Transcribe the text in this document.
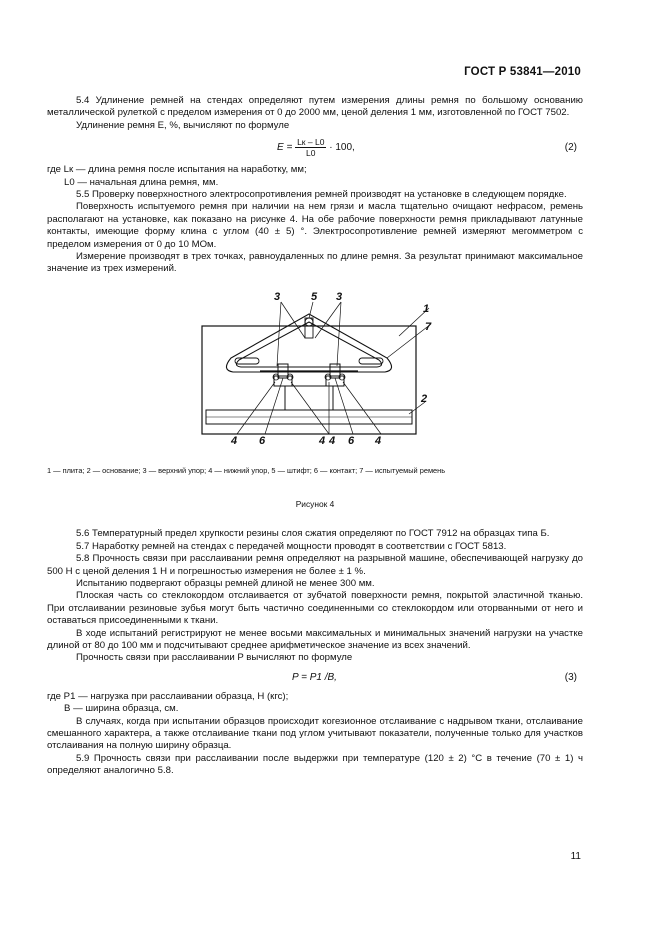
ГОСТ Р 53841—2010

5.4 Удлинение ремней на стендах определяют путем измерения длины ремня по большому основанию металлической рулеткой с пределом измерения от 0 до 2000 мм, ценой деления 1 мм, изготовленной по ГОСТ 7502.

Удлинение ремня E, %, вычисляют по формуле

$E = \frac{Lк - L0}{L0} \cdot 100$,	(2)

где Lк — длина ремня после испытания на наработку, мм;

L0 — начальная длина ремня, мм.

5.5 Проверку поверхностного электросопротивления ремней производят на установке в следующем порядке.

Поверхность испытуемого ремня при наличии на нем грязи и масла тщательно очищают нефрасом, ремень располагают на установке, как показано на рисунке 4. На обе рабочие поверхности ремня прикладывают латунные контакты, имеющие форму клина с углом (40 ± 5) °. Электросопротивление ремней измеряют мегомметром с пределом измерения от 0 до 10 МОм.

Измерение производят в трех точках, равноудаленных по длине ремня. За результат принимают максимальное значение из трех измерений.

3	5 3
1
7
2
4 6	4 4 6 4
1 — плита; 2 — основание; 3 — верхний упор; 4 — нижний упор, 5 — штифт; 6 — контакт; 7 — испытуемый ремень
Рисунок 4

5.6 Температурный предел хрупкости резины слоя сжатия определяют по ГОСТ 7912 на образцах типа Б.

5.7 Наработку ремней на стендах с передачей мощности проводят в соответствии с ГОСТ 5813.

5.8 Прочность связи при расслаивании ремня определяют на разрывной машине, обеспечивающей нагрузку до 500 Н с ценой деления 1 Н и погрешностью измерения не более ± 1 %.

Испытанию подвергают образцы ремней длиной не менее 300 мм.

Плоская часть со стеклокордом отслаивается от зубчатой поверхности ремня, покрытой эластичной тканью. При отслаивании резиновые зубья могут быть частично соединенными со стеклокордом или оторванными от него и оставаться присоединенными к ткани.

В ходе испытаний регистрируют не менее восьми максимальных и минимальных значений нагрузки на участке длиной от 80 до 100 мм и подсчитывают среднее арифметическое значение из всех значений.

Прочность связи при расслаивании P вычисляют по формуле

P = P1 /B,	(3)

где P1 — нагрузка при расслаивании образца, Н (кгс);

B — ширина образца, см.

В случаях, когда при испытании образцов происходит когезионное отслаивание с надрывом ткани, отслаивание смешанного характера, а также отслаивание ткани под углом учитывают показатели, полученные только для участков отслаивания на полную ширину образца.

5.9 Прочность связи при расслаивании после выдержки при температуре (120 ± 2) °С в течение (70 ± 1) ч определяют аналогично 5.8.

11
